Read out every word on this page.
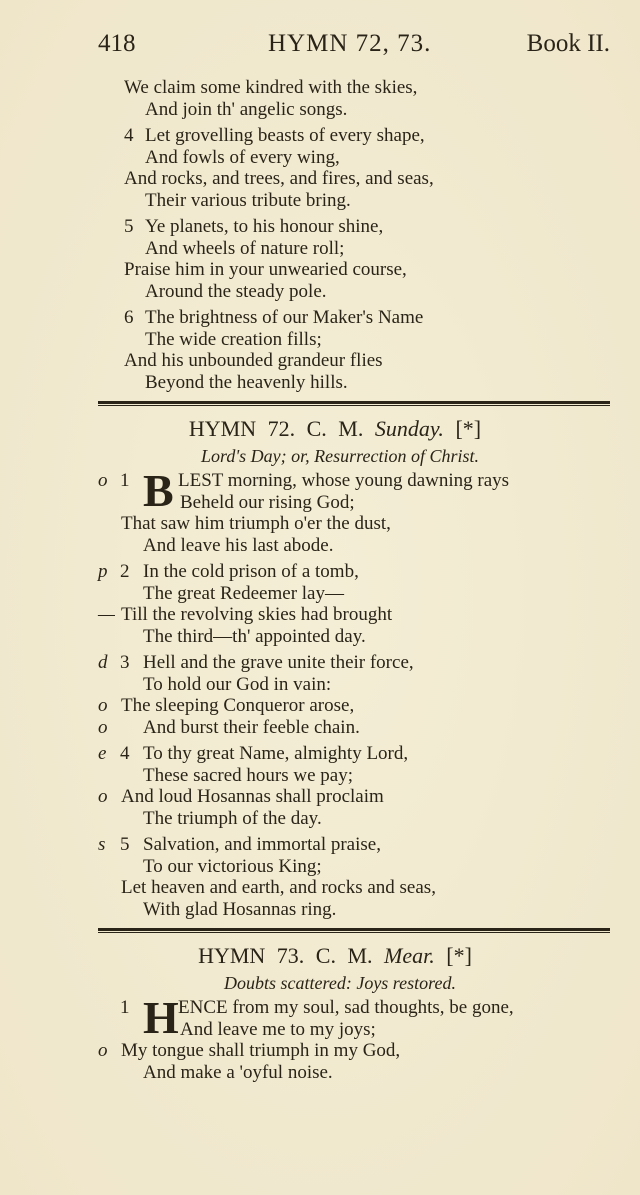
418	HYMN 72, 73.	Book II.
We claim some kindred with the skies,
And join th' angelic songs.
4 Let grovelling beasts of every shape,
And fowls of every wing,
And rocks, and trees, and fires, and seas,
Their various tribute bring.
5 Ye planets, to his honour shine,
And wheels of nature roll;
Praise him in your unwearied course,
Around the steady pole.
6 The brightness of our Maker's Name
The wide creation fills;
And his unbounded grandeur flies
Beyond the heavenly hills.
HYMN 72. C. M. Sunday. [*]
Lord's Day; or, Resurrection of Christ.
o 1 B LEST morning, whose young dawning rays
Beheld our rising God;
That saw him triumph o'er the dust,
And leave his last abode.
p 2 In the cold prison of a tomb,
The great Redeemer lay—
— Till the revolving skies had brought
The third—th' appointed day.
d 3 Hell and the grave unite their force,
To hold our God in vain:
o The sleeping Conqueror arose,
o And burst their feeble chain.
e 4 To thy great Name, almighty Lord,
These sacred hours we pay;
o And loud Hosannas shall proclaim
The triumph of the day.
s 5 Salvation, and immortal praise,
To our victorious King;
Let heaven and earth, and rocks and seas,
With glad Hosannas ring.
HYMN 73. C. M. Mear. [*]
Doubts scattered: Joys restored.
1 H ENCE from my soul, sad thoughts, be gone,
And leave me to my joys;
o My tongue shall triumph in my God,
And make a 'oyful noise.
